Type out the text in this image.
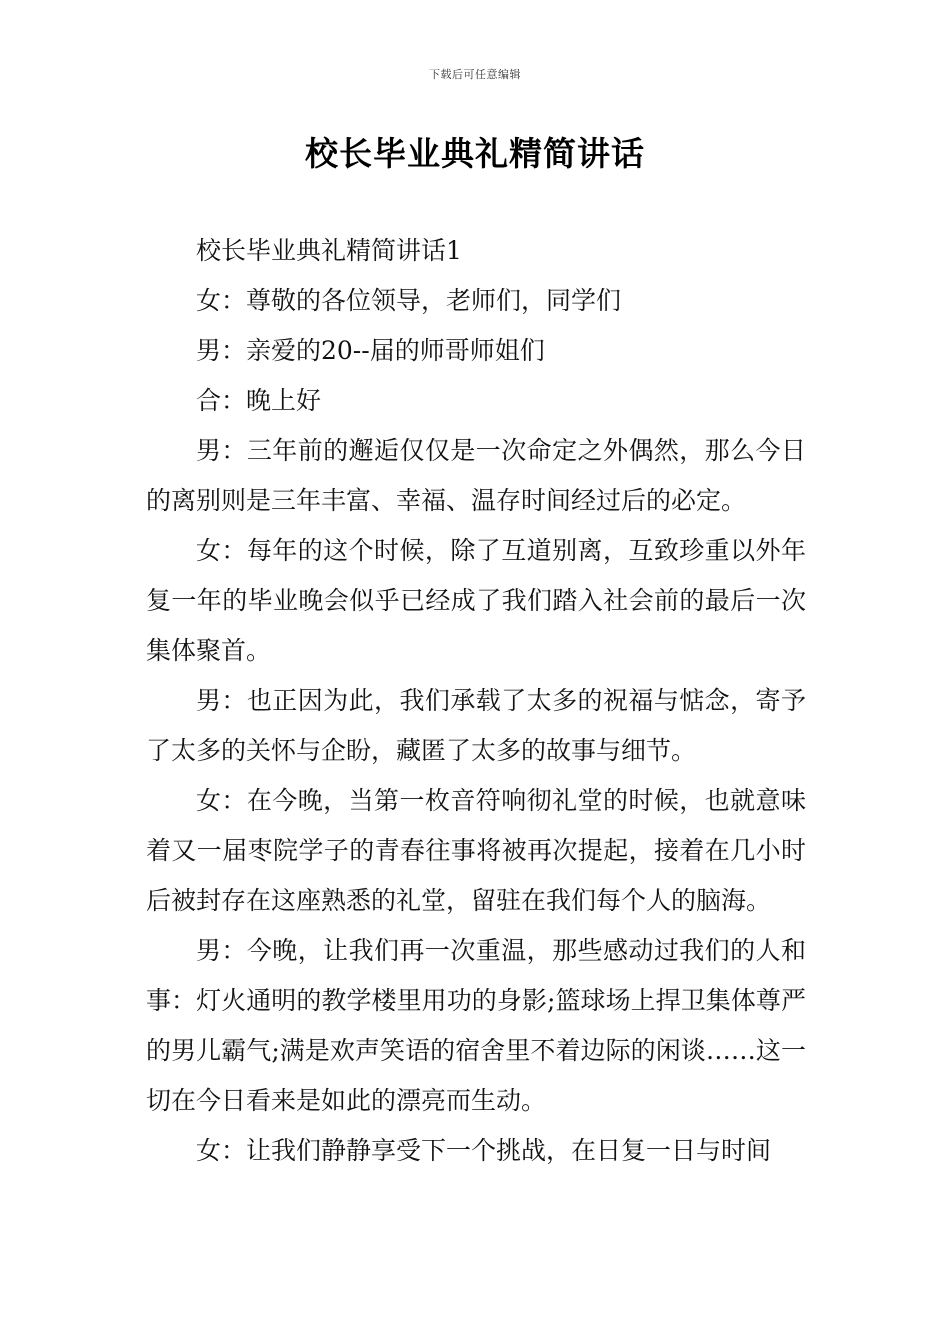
下载后可任意编辑
校长毕业典礼精简讲话

校长毕业典礼精简讲话1

女：尊敬的各位领导，老师们，同学们

男：亲爱的20--届的师哥师姐们

合：晚上好

男：三年前的邂逅仅仅是一次命定之外偶然，那么今日的离别则是三年丰富、幸福、温存时间经过后的必定。

女：每年的这个时候，除了互道别离，互致珍重以外年复一年的毕业晚会似乎已经成了我们踏入社会前的最后一次集体聚首。

男：也正因为此，我们承载了太多的祝福与惦念，寄予了太多的关怀与企盼，藏匿了太多的故事与细节。

女：在今晚，当第一枚音符响彻礼堂的时候，也就意味着又一届枣院学子的青春往事将被再次提起，接着在几小时后被封存在这座熟悉的礼堂，留驻在我们每个人的脑海。

男：今晚，让我们再一次重温，那些感动过我们的人和事：灯火通明的教学楼里用功的身影;篮球场上捍卫集体尊严的男儿霸气;满是欢声笑语的宿舍里不着边际的闲谈……这一切在今日看来是如此的漂亮而生动。

女：让我们静静享受下一个挑战，在日复一日与时间
